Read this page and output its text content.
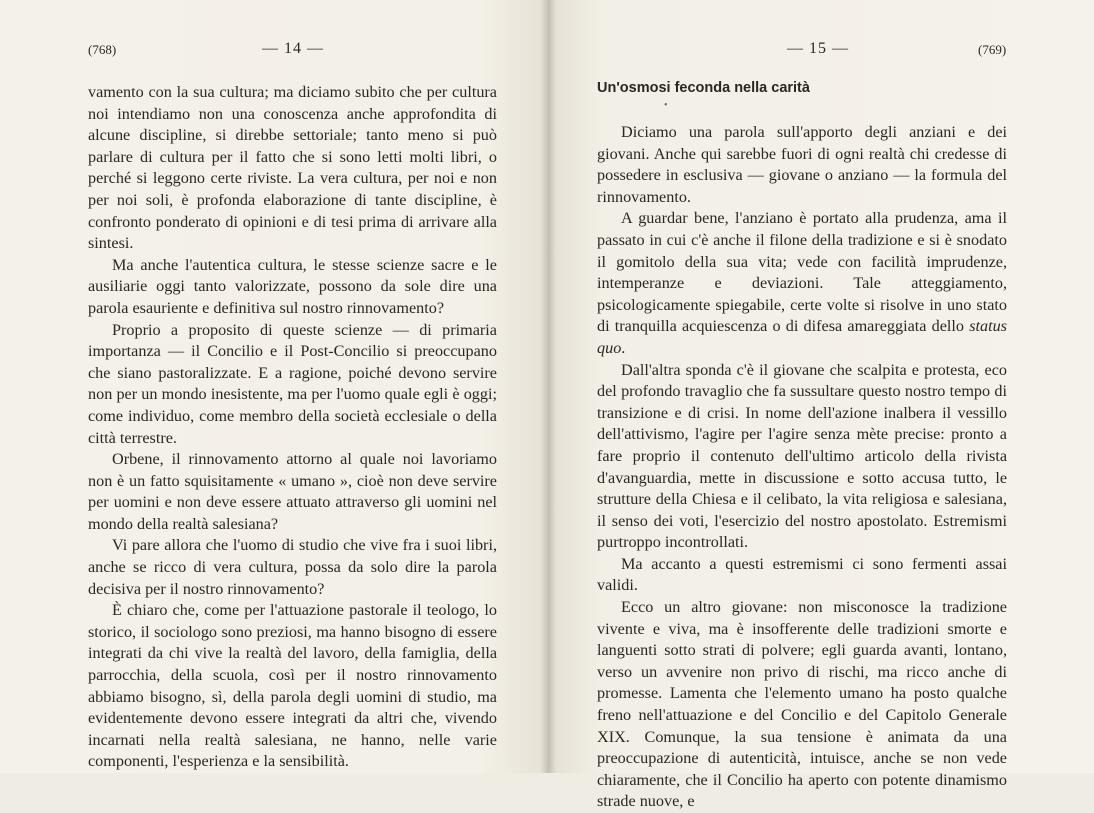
(768)	— 14 —

vamento con la sua cultura; ma diciamo subito che per cultura noi intendiamo non una conoscenza anche approfondita di alcune discipline, si direbbe settoriale; tanto meno si può parlare di cultura per il fatto che si sono letti molti libri, o perché si leggono certe riviste. La vera cultura, per noi e non per noi soli, è profonda elaborazione di tante discipline, è confronto ponderato di opinioni e di tesi prima di arrivare alla sintesi.

Ma anche l'autentica cultura, le stesse scienze sacre e le ausiliarie oggi tanto valorizzate, possono da sole dire una parola esauriente e definitiva sul nostro rinnovamento?

Proprio a proposito di queste scienze — di primaria importanza — il Concilio e il Post-Concilio si preoccupano che siano pastoralizzate. E a ragione, poiché devono servire non per un mondo inesistente, ma per l'uomo quale egli è oggi; come individuo, come membro della società ecclesiale o della città terrestre.

Orbene, il rinnovamento attorno al quale noi lavoriamo non è un fatto squisitamente « umano », cioè non deve servire per uomini e non deve essere attuato attraverso gli uomini nel mondo della realtà salesiana?

Vi pare allora che l'uomo di studio che vive fra i suoi libri, anche se ricco di vera cultura, possa da solo dire la parola decisiva per il nostro rinnovamento?

È chiaro che, come per l'attuazione pastorale il teologo, lo storico, il sociologo sono preziosi, ma hanno bisogno di essere integrati da chi vive la realtà del lavoro, della famiglia, della parrocchia, della scuola, così per il nostro rinnovamento abbiamo bisogno, sì, della parola degli uomini di studio, ma evidentemente devono essere integrati da altri che, vivendo incarnati nella realtà salesiana, ne hanno, nelle varie componenti, l'esperienza e la sensibilità.

— 15 —	(769)
Un'osmosi feconda nella carità
•

Diciamo una parola sull'apporto degli anziani e dei giovani. Anche qui sarebbe fuori di ogni realtà chi credesse di possedere in esclusiva — giovane o anziano — la formula del rinnovamento.

A guardar bene, l'anziano è portato alla prudenza, ama il passato in cui c'è anche il filone della tradizione e si è snodato il gomitolo della sua vita; vede con facilità imprudenze, intemperanze e deviazioni. Tale atteggiamento, psicologicamente spiegabile, certe volte si risolve in uno stato di tranquilla acquiescenza o di difesa amareggiata dello status quo.

Dall'altra sponda c'è il giovane che scalpita e protesta, eco del profondo travaglio che fa sussultare questo nostro tempo di transizione e di crisi. In nome dell'azione inalbera il vessillo dell'attivismo, l'agire per l'agire senza mète precise: pronto a fare proprio il contenuto dell'ultimo articolo della rivista d'avanguardia, mette in discussione e sotto accusa tutto, le strutture della Chiesa e il celibato, la vita religiosa e salesiana, il senso dei voti, l'esercizio del nostro apostolato. Estremismi purtroppo incontrollati.

Ma accanto a questi estremismi ci sono fermenti assai validi.

Ecco un altro giovane: non misconosce la tradizione vivente e viva, ma è insofferente delle tradizioni smorte e languenti sotto strati di polvere; egli guarda avanti, lontano, verso un avvenire non privo di rischi, ma ricco anche di promesse. Lamenta che l'elemento umano ha posto qualche freno nell'attuazione e del Concilio e del Capitolo Generale XIX. Comunque, la sua tensione è animata da una preoccupazione di autenticità, intuisce, anche se non vede chiaramente, che il Concilio ha aperto con potente dinamismo strade nuove, e
